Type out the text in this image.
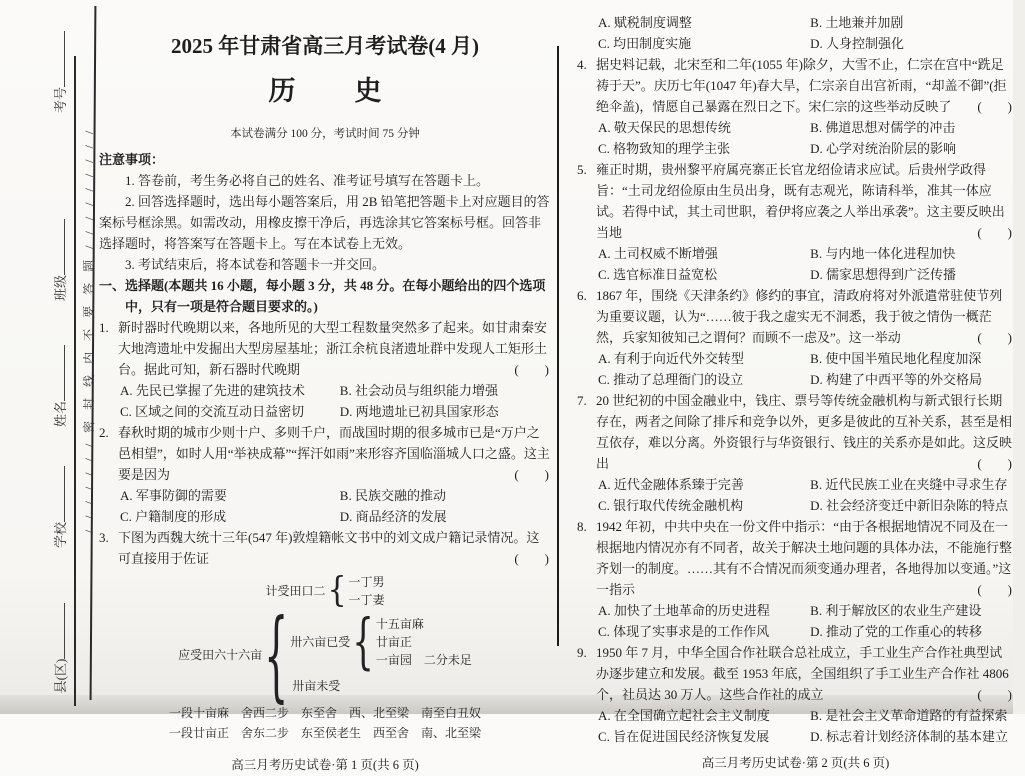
/ / / / / / / 密 封 线 内 不 要 答 题 / / / / / / / / /
考号
班级
姓名
学校
县(区)
2025 年甘肃省高三月考试卷(4 月)
历　史
本试卷满分 100 分，考试时间 75 分钟
注意事项：
1. 答卷前，考生务必将自己的姓名、准考证号填写在答题卡上。
2. 回答选择题时，选出每小题答案后，用 2B 铅笔把答题卡上对应题目的答案标号框涂黑。如需改动，用橡皮擦干净后，再选涂其它答案标号框。回答非选择题时，将答案写在答题卡上。写在本试卷上无效。
3. 考试结束后，将本试卷和答题卡一并交回。
一、选择题(本题共 16 小题，每小题 3 分，共 48 分。在每小题给出的四个选项中，只有一项是符合题目要求的。)
1. 新时器时代晚期以来，各地所见的大型工程数量突然多了起来。如甘肃秦安大地湾遗址中发掘出大型房屋基址；浙江余杭良渚遗址群中发现人工矩形土台。据此可知，新石器时代晚期	(　　)
A. 先民已掌握了先进的建筑技术	B. 社会动员与组织能力增强
C. 区域之间的交流互动日益密切	D. 两地遗址已初具国家形态
2. 春秋时期的城市少则十户、多则千户，而战国时期的很多城市已是“万户之邑相望”，如时人用“举袂成幕”“挥汗如雨”来形容齐国临淄城人口之盛。这主要是因为	(　　)
A. 军事防御的需要	B. 民族交融的推动
C. 户籍制度的形成	D. 商品经济的发展
3. 下图为西魏大统十三年(547 年)敦煌籍帐文书中的刘文成户籍记录情况。这可直接用于佐证	(　　)
计受田口二 { 一丁男
一丁妻
应受田六十六亩 { 卅六亩已受 { 十五亩麻
廿亩正
一亩园　二分未足
卅亩未受
一段十亩麻　舍西二步　东至舍　西、北至梁　南至白丑奴
一段廿亩正　舍东二步　东至侯老生　西至舍　南、北至梁
高三月考历史试卷·第 1 页(共 6 页)
A. 赋税制度调整	B. 土地兼并加剧
C. 均田制度实施	D. 人身控制强化
4. 据史料记载，北宋至和二年(1055 年)除夕，大雪不止，仁宗在宫中“跣足祷于天”。庆历七年(1047 年)春大旱，仁宗亲自出宫祈雨，“却盖不御”(拒绝伞盖)，情愿自己暴露在烈日之下。宋仁宗的这些举动反映了 (　　)
A. 敬天保民的思想传统	B. 佛道思想对儒学的冲击
C. 格物致知的理学主张	D. 心学对统治阶层的影响
5. 雍正时期，贵州黎平府属亮寨正长官龙绍俭请求应试。后贵州学政得旨：“土司龙绍俭原由生员出身，既有志观光，陈请科举，准其一体应试。若得中试，其土司世职，着伊将应袭之人举出承袭”。这主要反映出当地	(　　)
A. 土司权威不断增强	B. 与内地一体化进程加快
C. 选官标准日益宽松	D. 儒家思想得到广泛传播
6. 1867 年，围绕《天津条约》修约的事宜，清政府将对外派遣常驻使节列为重要议题，认为“……彼于我之虚实无不洞悉，我于彼之情伪一概茫然，兵家知彼知己之谓何？而顾不一虑及”。这一举动	(　　)
A. 有利于向近代外交转型	B. 使中国半殖民地化程度加深
C. 推动了总理衙门的设立	D. 构建了中西平等的外交格局
7. 20 世纪初的中国金融业中，钱庄、票号等传统金融机构与新式银行长期存在，两者之间除了排斥和竞争以外，更多是彼此的互补关系，甚至是相互依存，难以分离。外资银行与华资银行、钱庄的关系亦是如此。这反映出	(　　)
A. 近代金融体系臻于完善	B. 近代民族工业在夹缝中寻求生存
C. 银行取代传统金融机构	D. 社会经济变迁中新旧杂陈的特点
8. 1942 年初，中共中央在一份文件中指示：“由于各根据地情况不同及在一根据地内情况亦有不同者，故关于解决土地问题的具体办法，不能施行整齐划一的制度。……其有不合情况而须变通办理者，各地得加以变通。”这一指示	(　　)
A. 加快了土地革命的历史进程	B. 利于解放区的农业生产建设
C. 体现了实事求是的工作作风	D. 推动了党的工作重心的转移
9. 1950 年 7 月，中华全国合作社联合总社成立，手工业生产合作社典型试办逐步建立和发展。截至 1953 年底，全国组织了手工业生产合作社 4806 个，社员达 30 万人。这些合作社的成立	(　　)
A. 在全国确立起社会主义制度	B. 是社会主义革命道路的有益探索
C. 旨在促进国民经济恢复发展	D. 标志着计划经济体制的基本建立
高三月考历史试卷·第 2 页(共 6 页)
